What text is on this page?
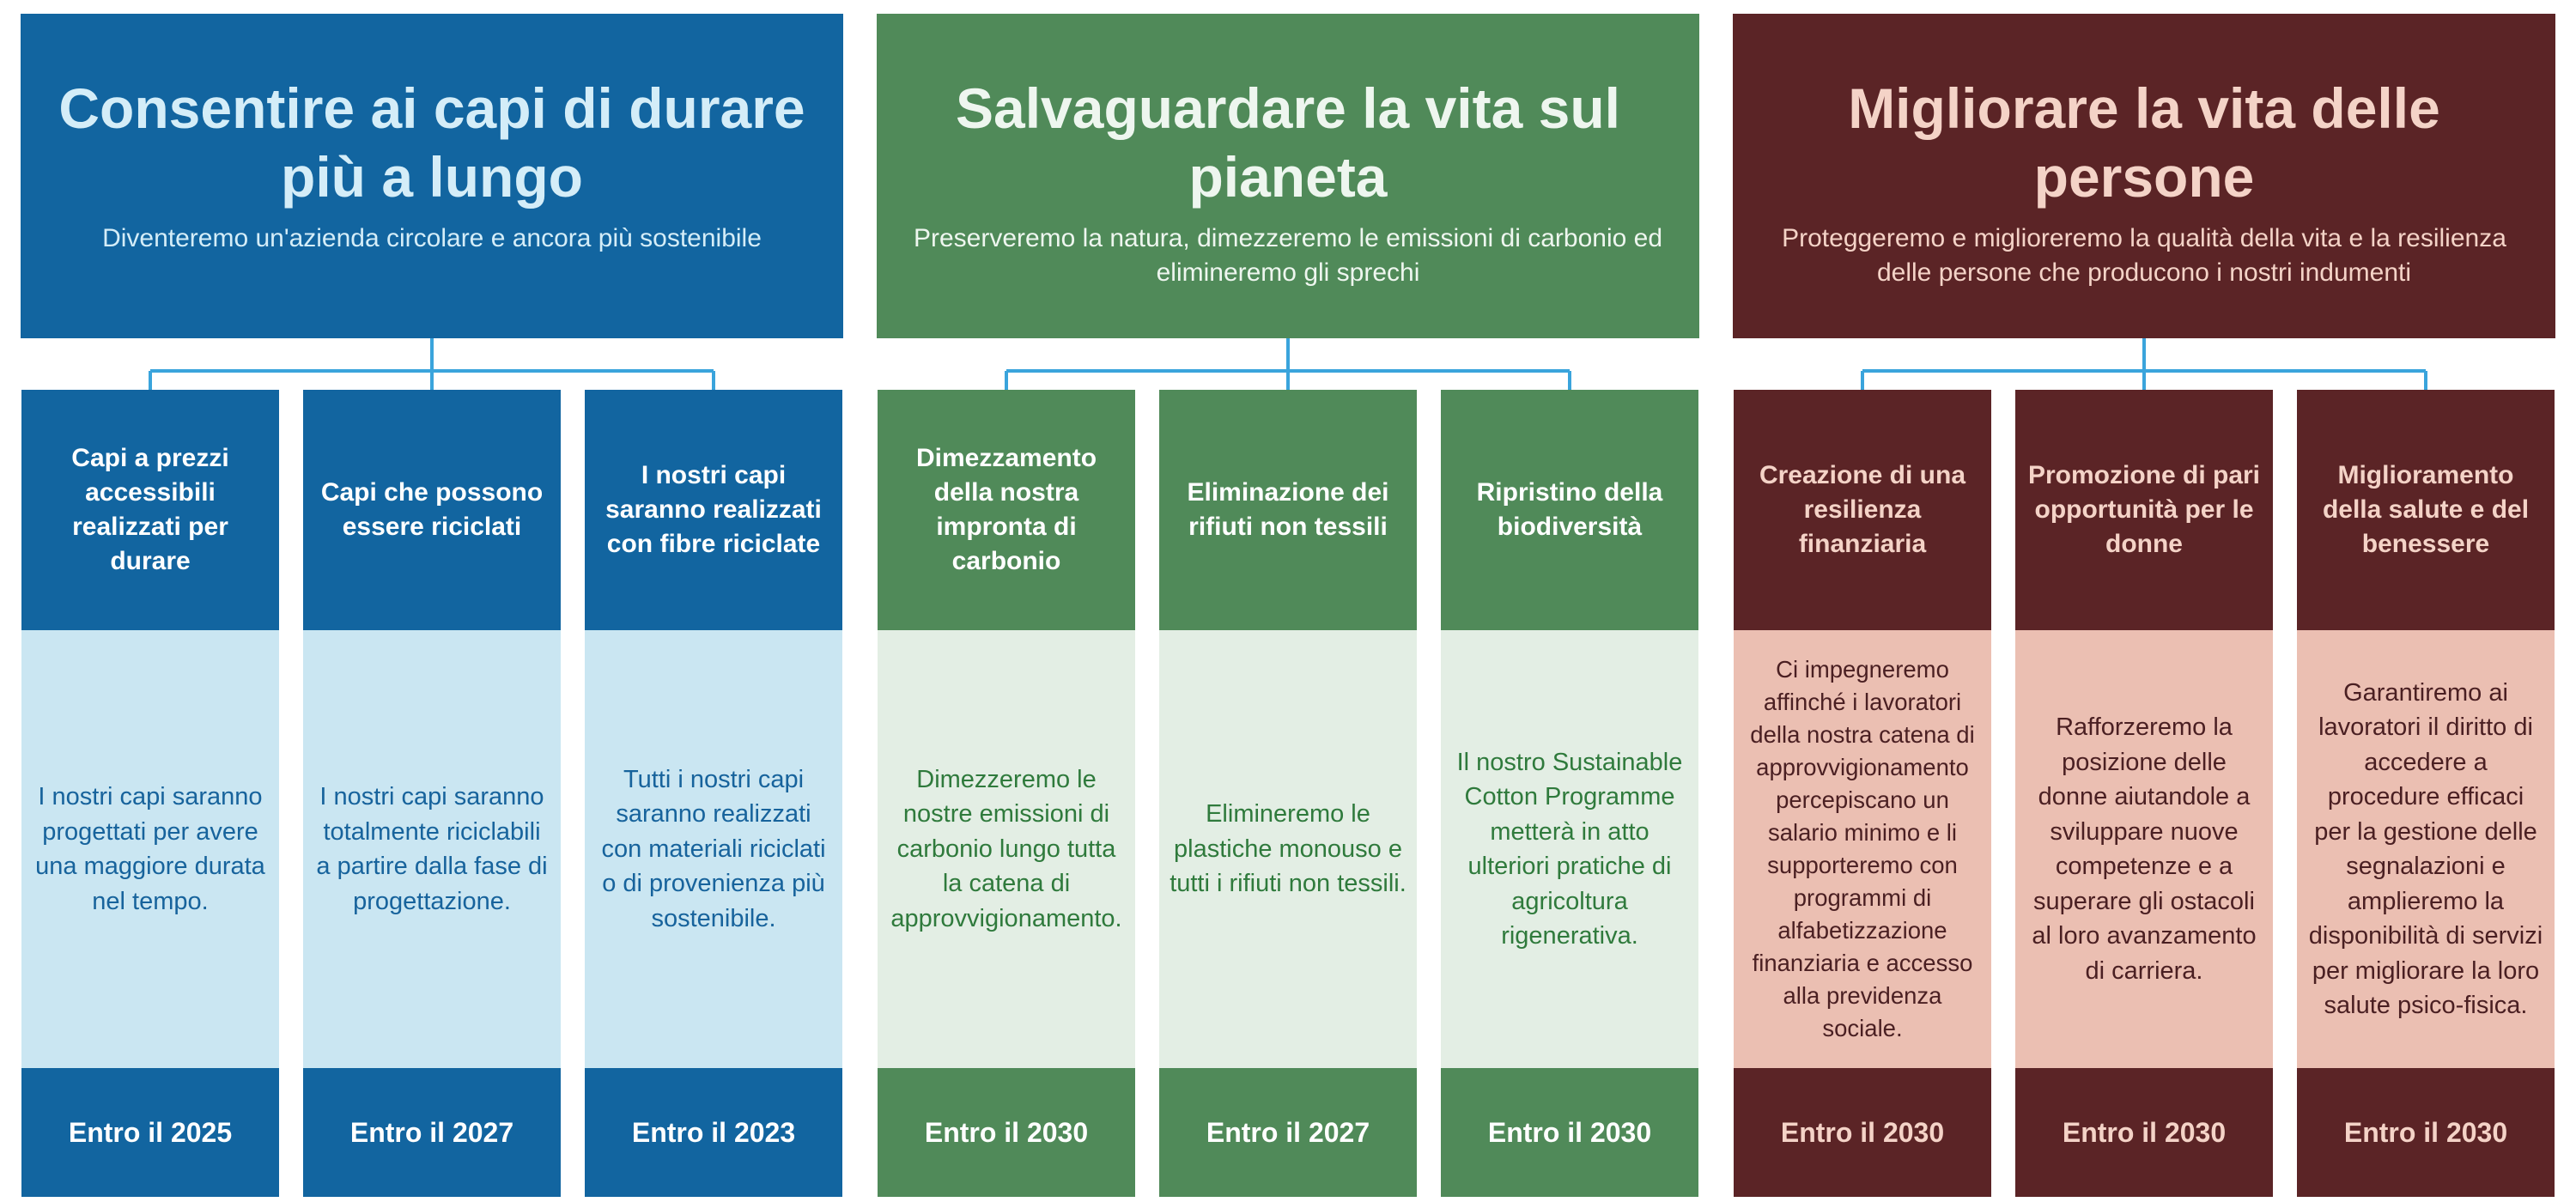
Consentire ai capi di durare più a lungo
Diventeremo un'azienda circolare e ancora più sostenibile
Salvaguardare la vita sul pianeta
Preserveremo la natura, dimezzeremo le emissioni di carbonio ed elimineremo gli sprechi
Migliorare la vita delle persone
Proteggeremo e miglioreremo la qualità della vita e la resilienza delle persone che producono i nostri indumenti
Capi a prezzi accessibili realizzati per durare
I nostri capi saranno progettati per avere una maggiore durata nel tempo.
Entro il 2025
Capi che possono essere riciclati
I nostri capi saranno totalmente riciclabili a partire dalla fase di progettazione.
Entro il 2027
I nostri capi saranno realizzati con fibre riciclate
Tutti i nostri capi saranno realizzati con materiali riciclati o di provenienza più sostenibile.
Entro il 2023
Dimezzamento della nostra impronta di carbonio
Dimezzeremo le nostre emissioni di carbonio lungo tutta la catena di approvvigionamento.
Entro il 2030
Eliminazione dei rifiuti non tessili
Elimineremo le plastiche monouso e tutti i rifiuti non tessili.
Entro il 2027
Ripristino della biodiversità
Il nostro Sustainable Cotton Programme metterà in atto ulteriori pratiche di agricoltura rigenerativa.
Entro il 2030
Creazione di una resilienza finanziaria
Ci impegneremo affinché i lavoratori della nostra catena di approvvigionamento percepiscano un salario minimo e li supporteremo con programmi di alfabetizzazione finanziaria e accesso alla previdenza sociale.
Entro il 2030
Promozione di pari opportunità per le donne
Rafforzeremo la posizione delle donne aiutandole a sviluppare nuove competenze e a superare gli ostacoli al loro avanzamento di carriera.
Entro il 2030
Miglioramento della salute e del benessere
Garantiremo ai lavoratori il diritto di accedere a procedure efficaci per la gestione delle segnalazioni e amplieremo la disponibilità di servizi per migliorare la loro salute psico-fisica.
Entro il 2030
